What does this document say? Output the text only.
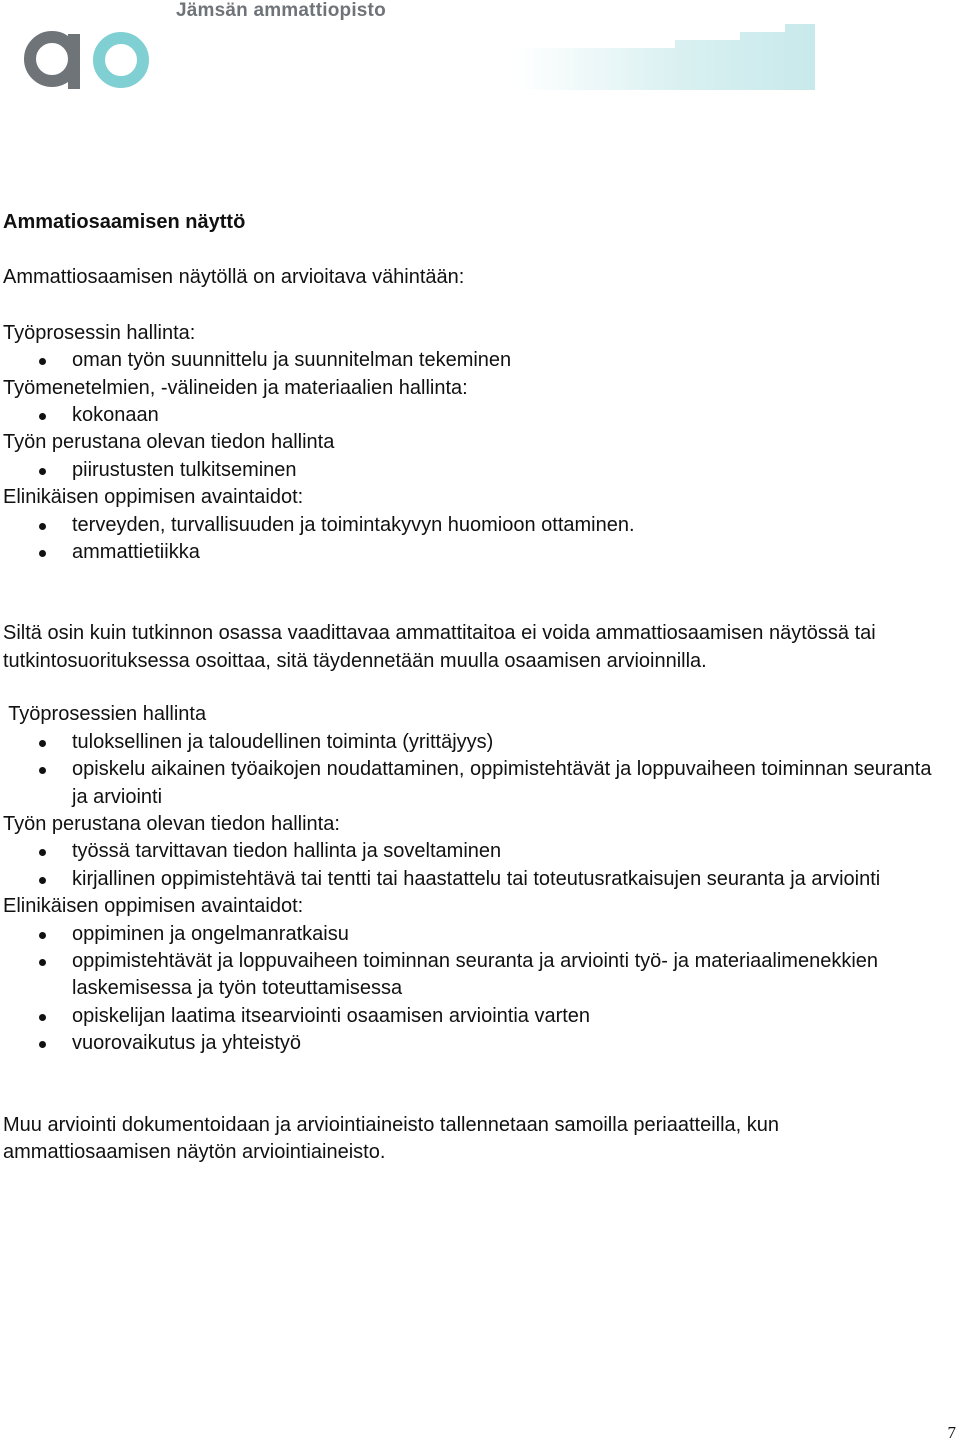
Jämsän ammattiopisto
Ammatiosaamisen näyttö
Ammattiosaamisen näytöllä on arvioitava vähintään:
Työprosessin hallinta:
oman työn suunnittelu ja suunnitelman tekeminen
Työmenetelmien, -välineiden ja materiaalien hallinta:
kokonaan
Työn perustana olevan tiedon hallinta
piirustusten tulkitseminen
Elinikäisen oppimisen avaintaidot:
terveyden, turvallisuuden ja toimintakyvyn huomioon ottaminen.
ammattietiikka
Siltä osin kuin tutkinnon osassa vaadittavaa ammattitaitoa ei voida ammattiosaamisen näytössä tai tutkintosuorituksessa osoittaa, sitä täydennetään muulla osaamisen arvioinnilla.
Työprosessien hallinta
tuloksellinen ja taloudellinen toiminta (yrittäjyys)
opiskelu aikainen työaikojen noudattaminen, oppimistehtävät ja loppuvaiheen toiminnan seuranta ja arviointi
Työn perustana olevan tiedon hallinta:
työssä tarvittavan tiedon hallinta ja soveltaminen
kirjallinen oppimistehtävä tai tentti tai haastattelu tai toteutusratkaisujen seuranta ja arviointi
Elinikäisen oppimisen avaintaidot:
oppiminen ja ongelmanratkaisu
oppimistehtävät ja loppuvaiheen toiminnan seuranta ja arviointi työ- ja materiaalimenekkien laskemisessa ja työn toteuttamisessa
opiskelijan laatima itsearviointi osaamisen arviointia varten
vuorovaikutus ja yhteistyö
Muu arviointi dokumentoidaan ja arviointiaineisto tallennetaan samoilla periaatteilla, kun ammattiosaamisen näytön arviointiaineisto.
7
